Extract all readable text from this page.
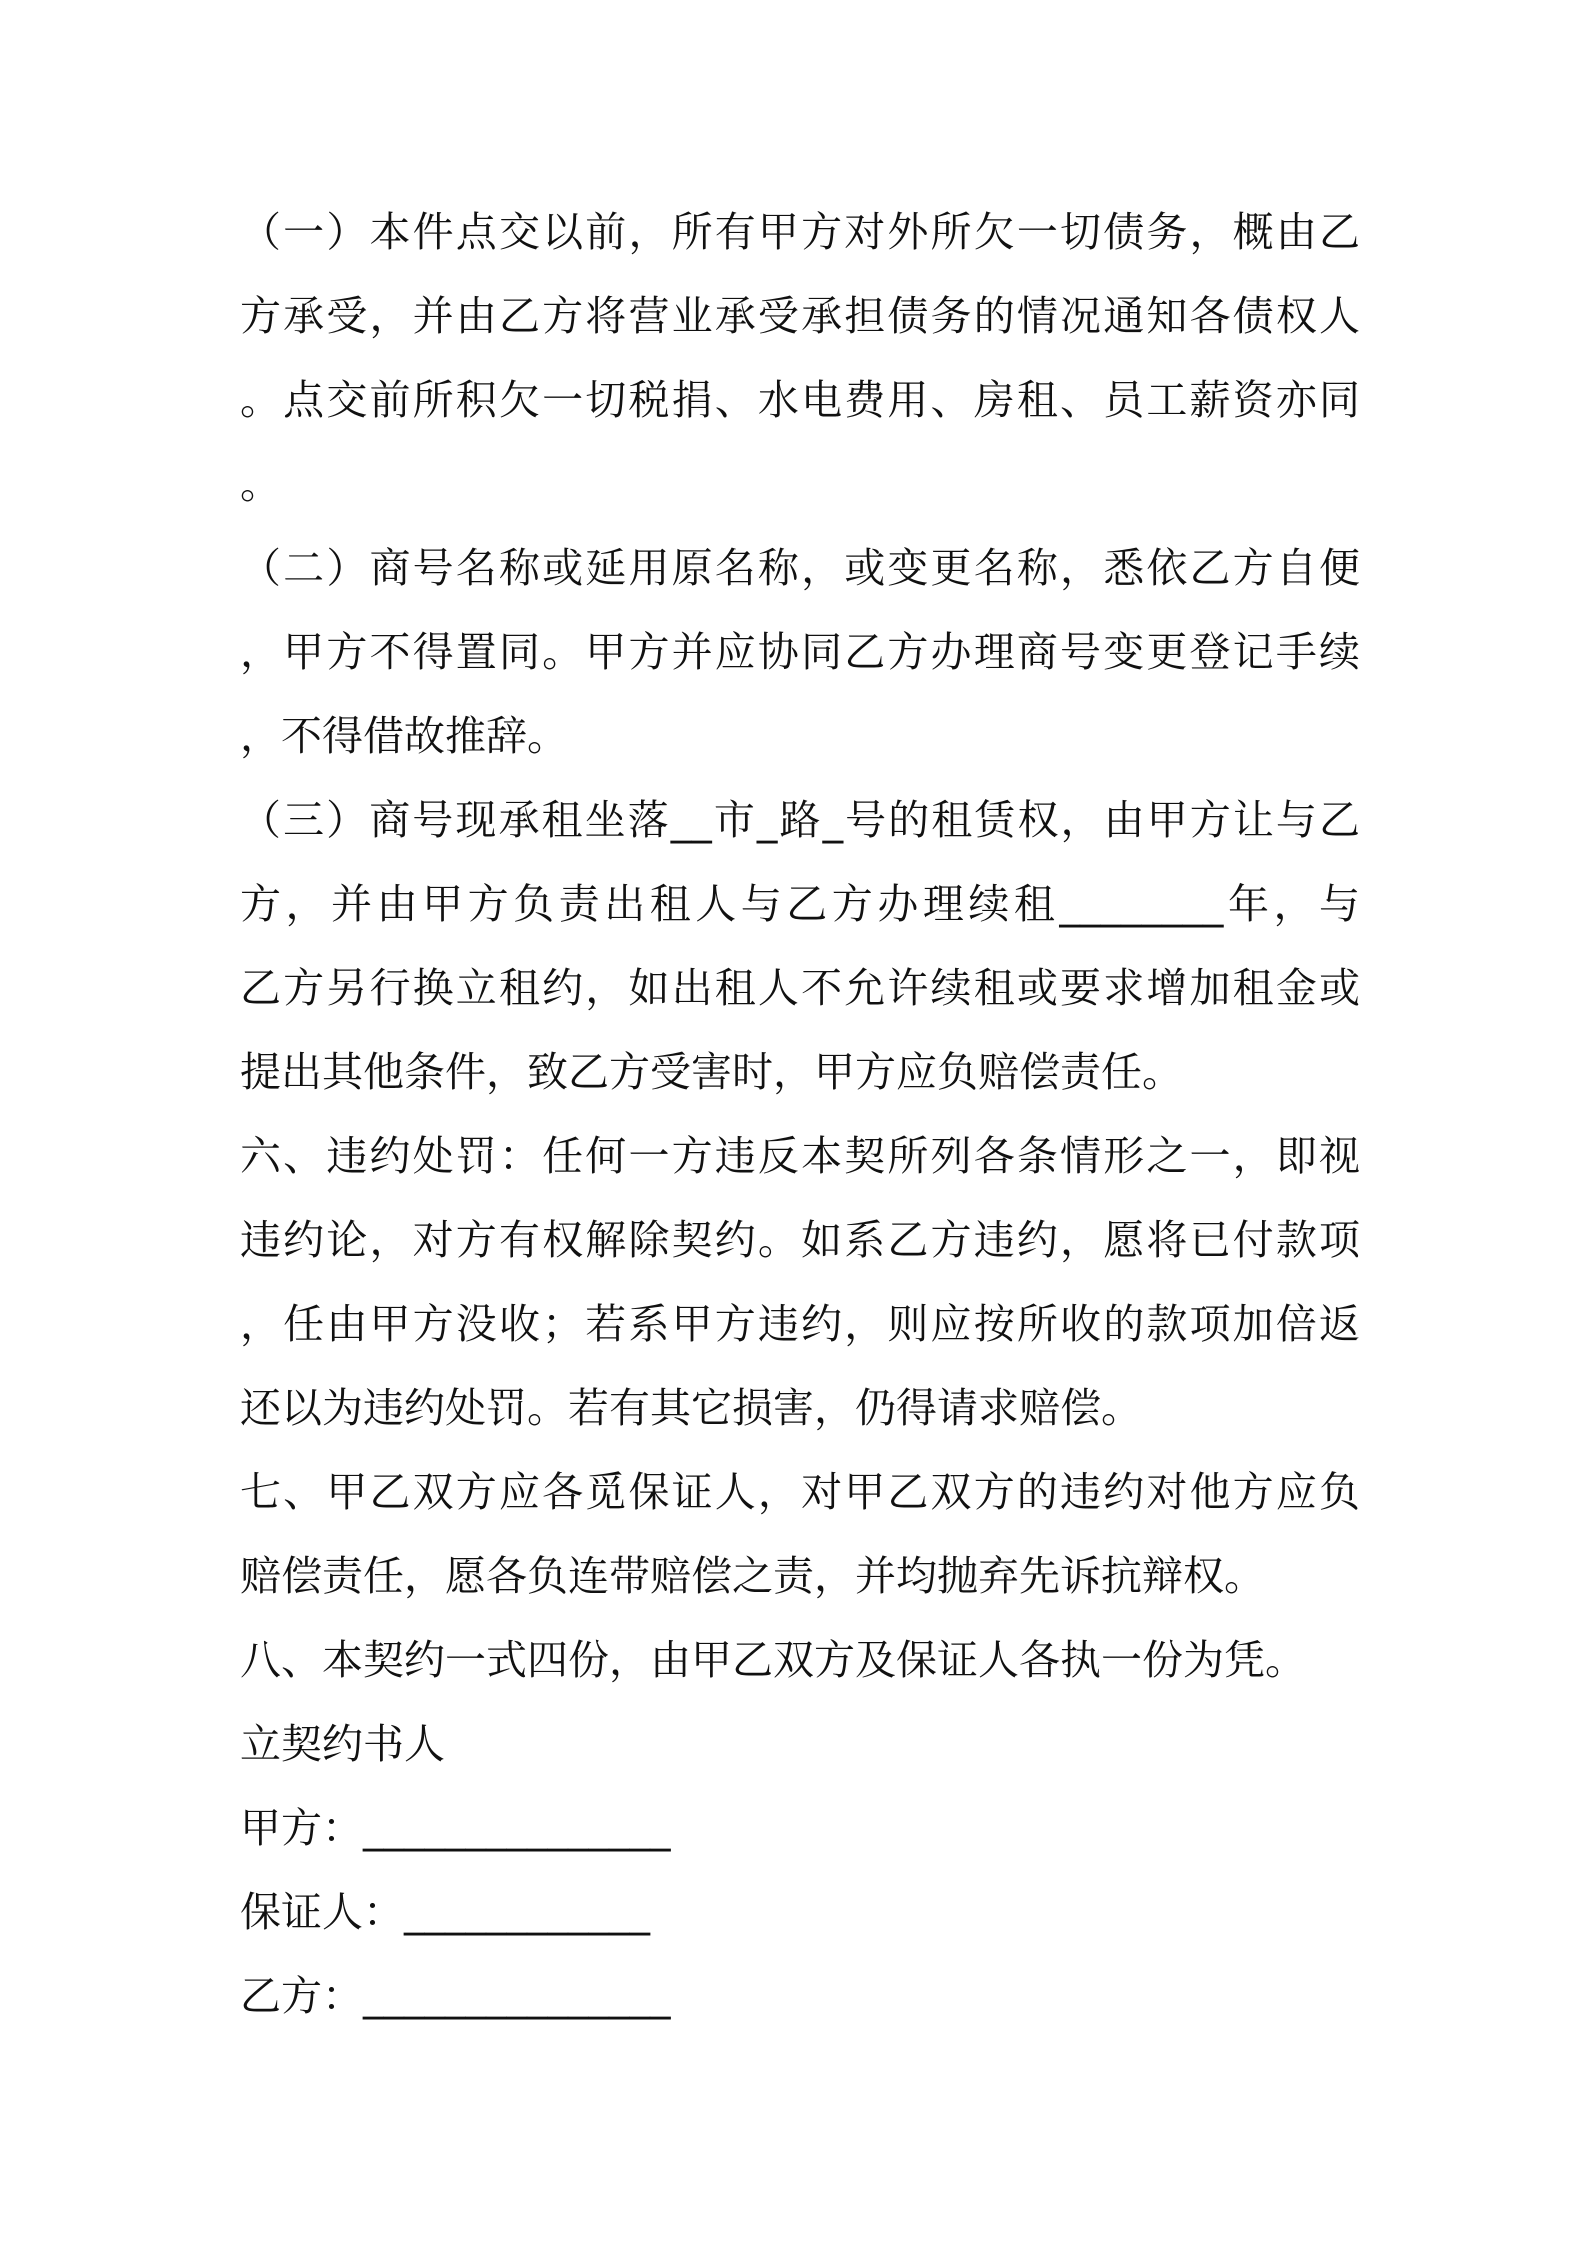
（一）本件点交以前，所有甲方对外所欠一切债务，概由乙
方承受，并由乙方将营业承受承担债务的情况通知各债权人
。点交前所积欠一切税捐、水电费用、房租、员工薪资亦同
。
（二）商号名称或延用原名称，或变更名称，悉依乙方自便
，甲方不得置同。甲方并应协同乙方办理商号变更登记手续
，不得借故推辞。
（三）商号现承租坐落__市_路_号的租赁权，由甲方让与乙
方，并由甲方负责出租人与乙方办理续租________年，与
乙方另行换立租约，如出租人不允许续租或要求增加租金或
提出其他条件，致乙方受害时，甲方应负赔偿责任。
六、违约处罚：任何一方违反本契所列各条情形之一，即视
违约论，对方有权解除契约。如系乙方违约，愿将已付款项
，任由甲方没收；若系甲方违约，则应按所收的款项加倍返
还以为违约处罚。若有其它损害，仍得请求赔偿。
七、甲乙双方应各觅保证人，对甲乙双方的违约对他方应负
赔偿责任，愿各负连带赔偿之责，并均抛弃先诉抗辩权。
八、本契约一式四份，由甲乙双方及保证人各执一份为凭。
立契约书人
甲方：_______________
保证人：____________
乙方：_______________
